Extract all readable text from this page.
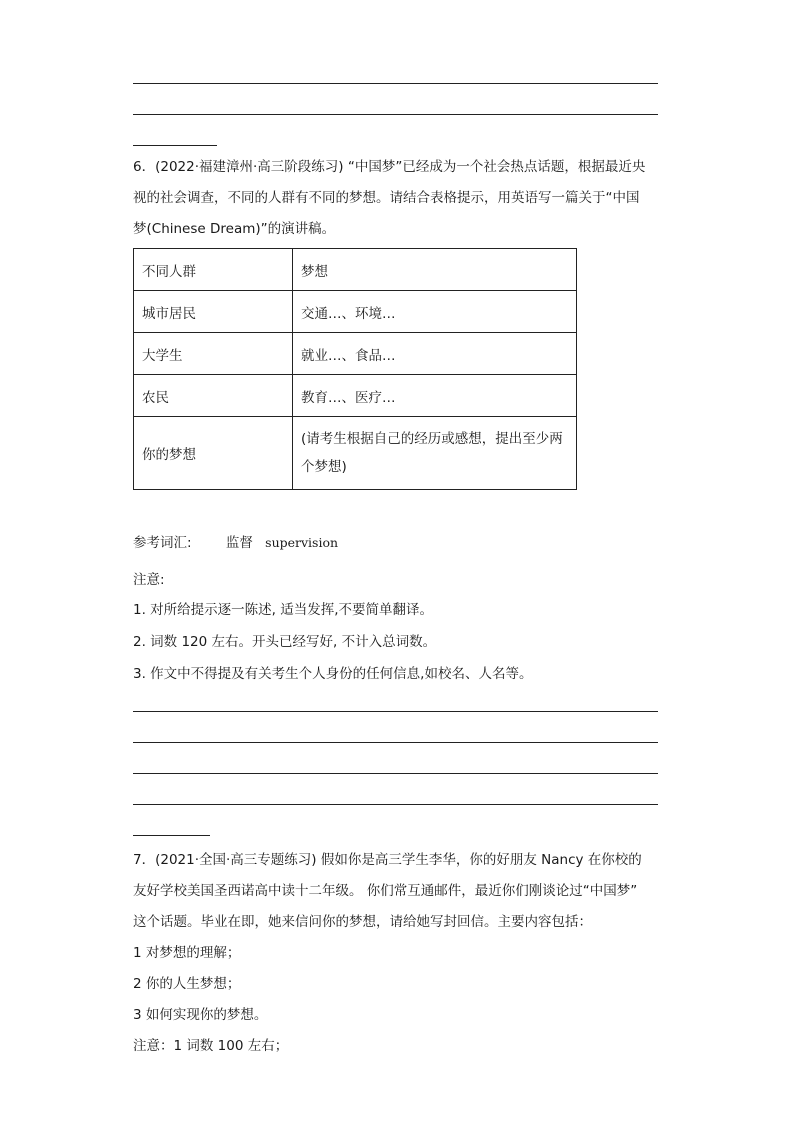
6．(2022·福建漳州·高三阶段练习) “中国梦”已经成为一个社会热点话题，根据最近央

视的社会调查，不同的人群有不同的梦想。请结合表格提示，用英语写一篇关于“中国

梦(Chinese Dream)”的演讲稿。

不同人群	梦想
城市居民	交通…、环境…
大学生	就业…、食品…
农民	教育…、医疗…
你的梦想	(请考生根据自己的经历或感想，提出至少两个梦想)
参考词汇:	监督 supervision
注意:
1. 对所给提示逐一陈述, 适当发挥,不要简单翻译。
2. 词数 120 左右。开头已经写好, 不计入总词数。
3. 作文中不得提及有关考生个人身份的任何信息,如校名、人名等。

7．(2021·全国·高三专题练习) 假如你是高三学生李华，你的好朋友 Nancy 在你校的

友好学校美国圣西诺高中读十二年级。 你们常互通邮件，最近你们刚谈论过“中国梦”

这个话题。毕业在即，她来信问你的梦想，请给她写封回信。主要内容包括：

1 对梦想的理解；

2 你的人生梦想；

3 如何实现你的梦想。

注意：1 词数 100 左右；
